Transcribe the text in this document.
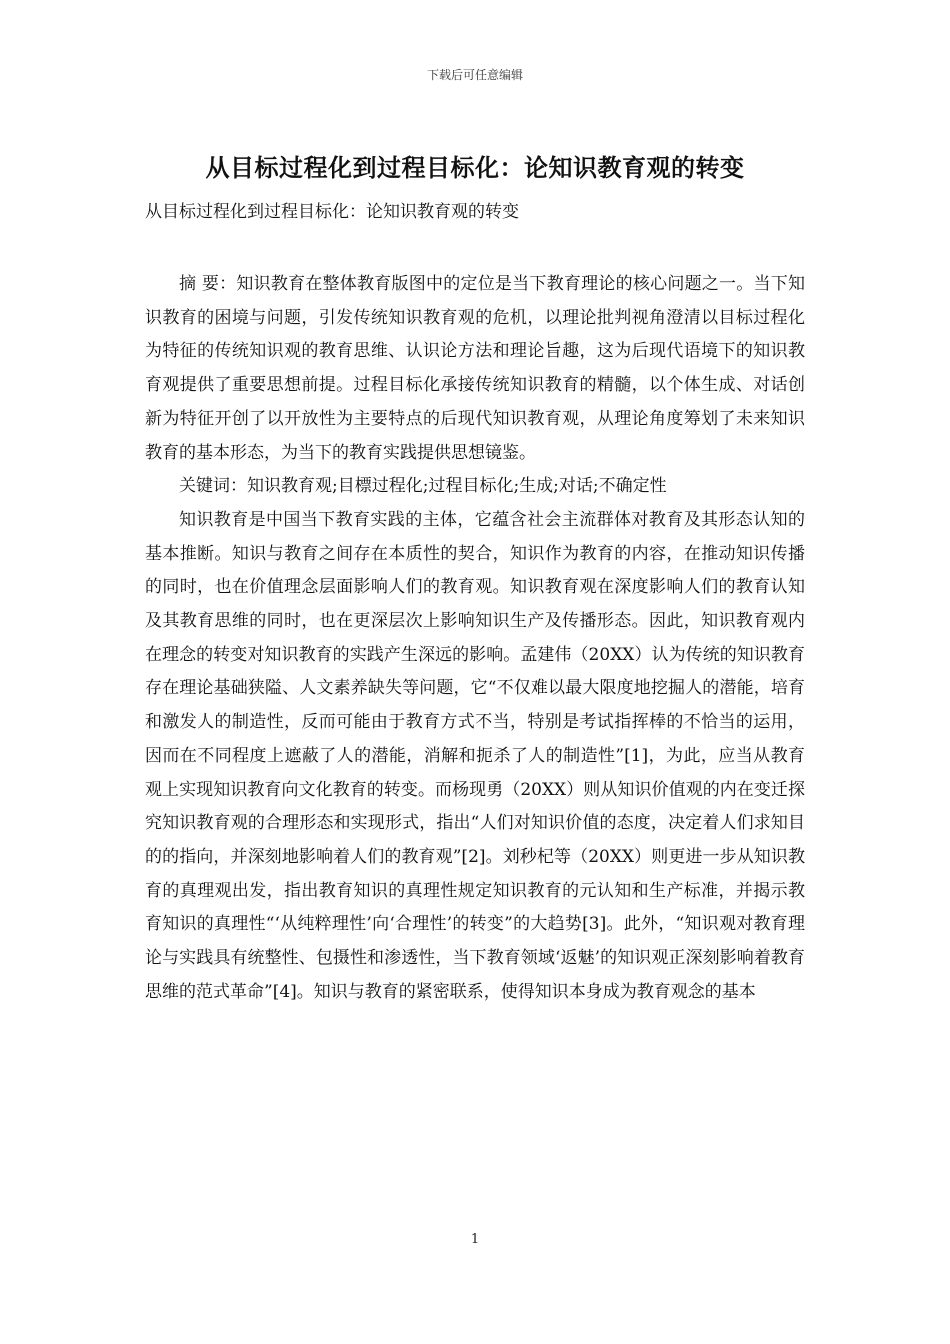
下载后可任意编辑
从目标过程化到过程目标化：论知识教育观的转变
从目标过程化到过程目标化：论知识教育观的转变

摘 要：知识教育在整体教育版图中的定位是当下教育理论的核心问题之一。当下知识教育的困境与问题，引发传统知识教育观的危机，以理论批判视角澄清以目标过程化为特征的传统知识观的教育思维、认识论方法和理论旨趣，这为后现代语境下的知识教育观提供了重要思想前提。过程目标化承接传统知识教育的精髓，以个体生成、对话创新为特征开创了以开放性为主要特点的后现代知识教育观，从理论角度筹划了未来知识教育的基本形态，为当下的教育实践提供思想镜鉴。

关键词：知识教育观;目標过程化;过程目标化;生成;对话;不确定性

知识教育是中国当下教育实践的主体，它蕴含社会主流群体对教育及其形态认知的基本推断。知识与教育之间存在本质性的契合，知识作为教育的内容，在推动知识传播的同时，也在价值理念层面影响人们的教育观。知识教育观在深度影响人们的教育认知及其教育思维的同时，也在更深层次上影响知识生产及传播形态。因此，知识教育观内在理念的转变对知识教育的实践产生深远的影响。孟建伟（20XX）认为传统的知识教育存在理论基础狭隘、人文素养缺失等问题，它“不仅难以最大限度地挖掘人的潜能，培育和激发人的制造性，反而可能由于教育方式不当，特别是考试指挥棒的不恰当的运用，因而在不同程度上遮蔽了人的潜能，消解和扼杀了人的制造性”[1]，为此，应当从教育观上实现知识教育向文化教育的转变。而杨现勇（20XX）则从知识价值观的内在变迁探究知识教育观的合理形态和实现形式，指出“人们对知识价值的态度，决定着人们求知目的的指向，并深刻地影响着人们的教育观”[2]。刘秒杞等（20XX）则更进一步从知识教育的真理观出发，指出教育知识的真理性规定知识教育的元认知和生产标准，并揭示教育知识的真理性“‘从纯粹理性’向‘合理性’的转变”的大趋势[3]。此外，“知识观对教育理论与实践具有统整性、包摄性和渗透性，当下教育领域‘返魅’的知识观正深刻影响着教育思维的范式革命”[4]。知识与教育的紧密联系，使得知识本身成为教育观念的基本

1
